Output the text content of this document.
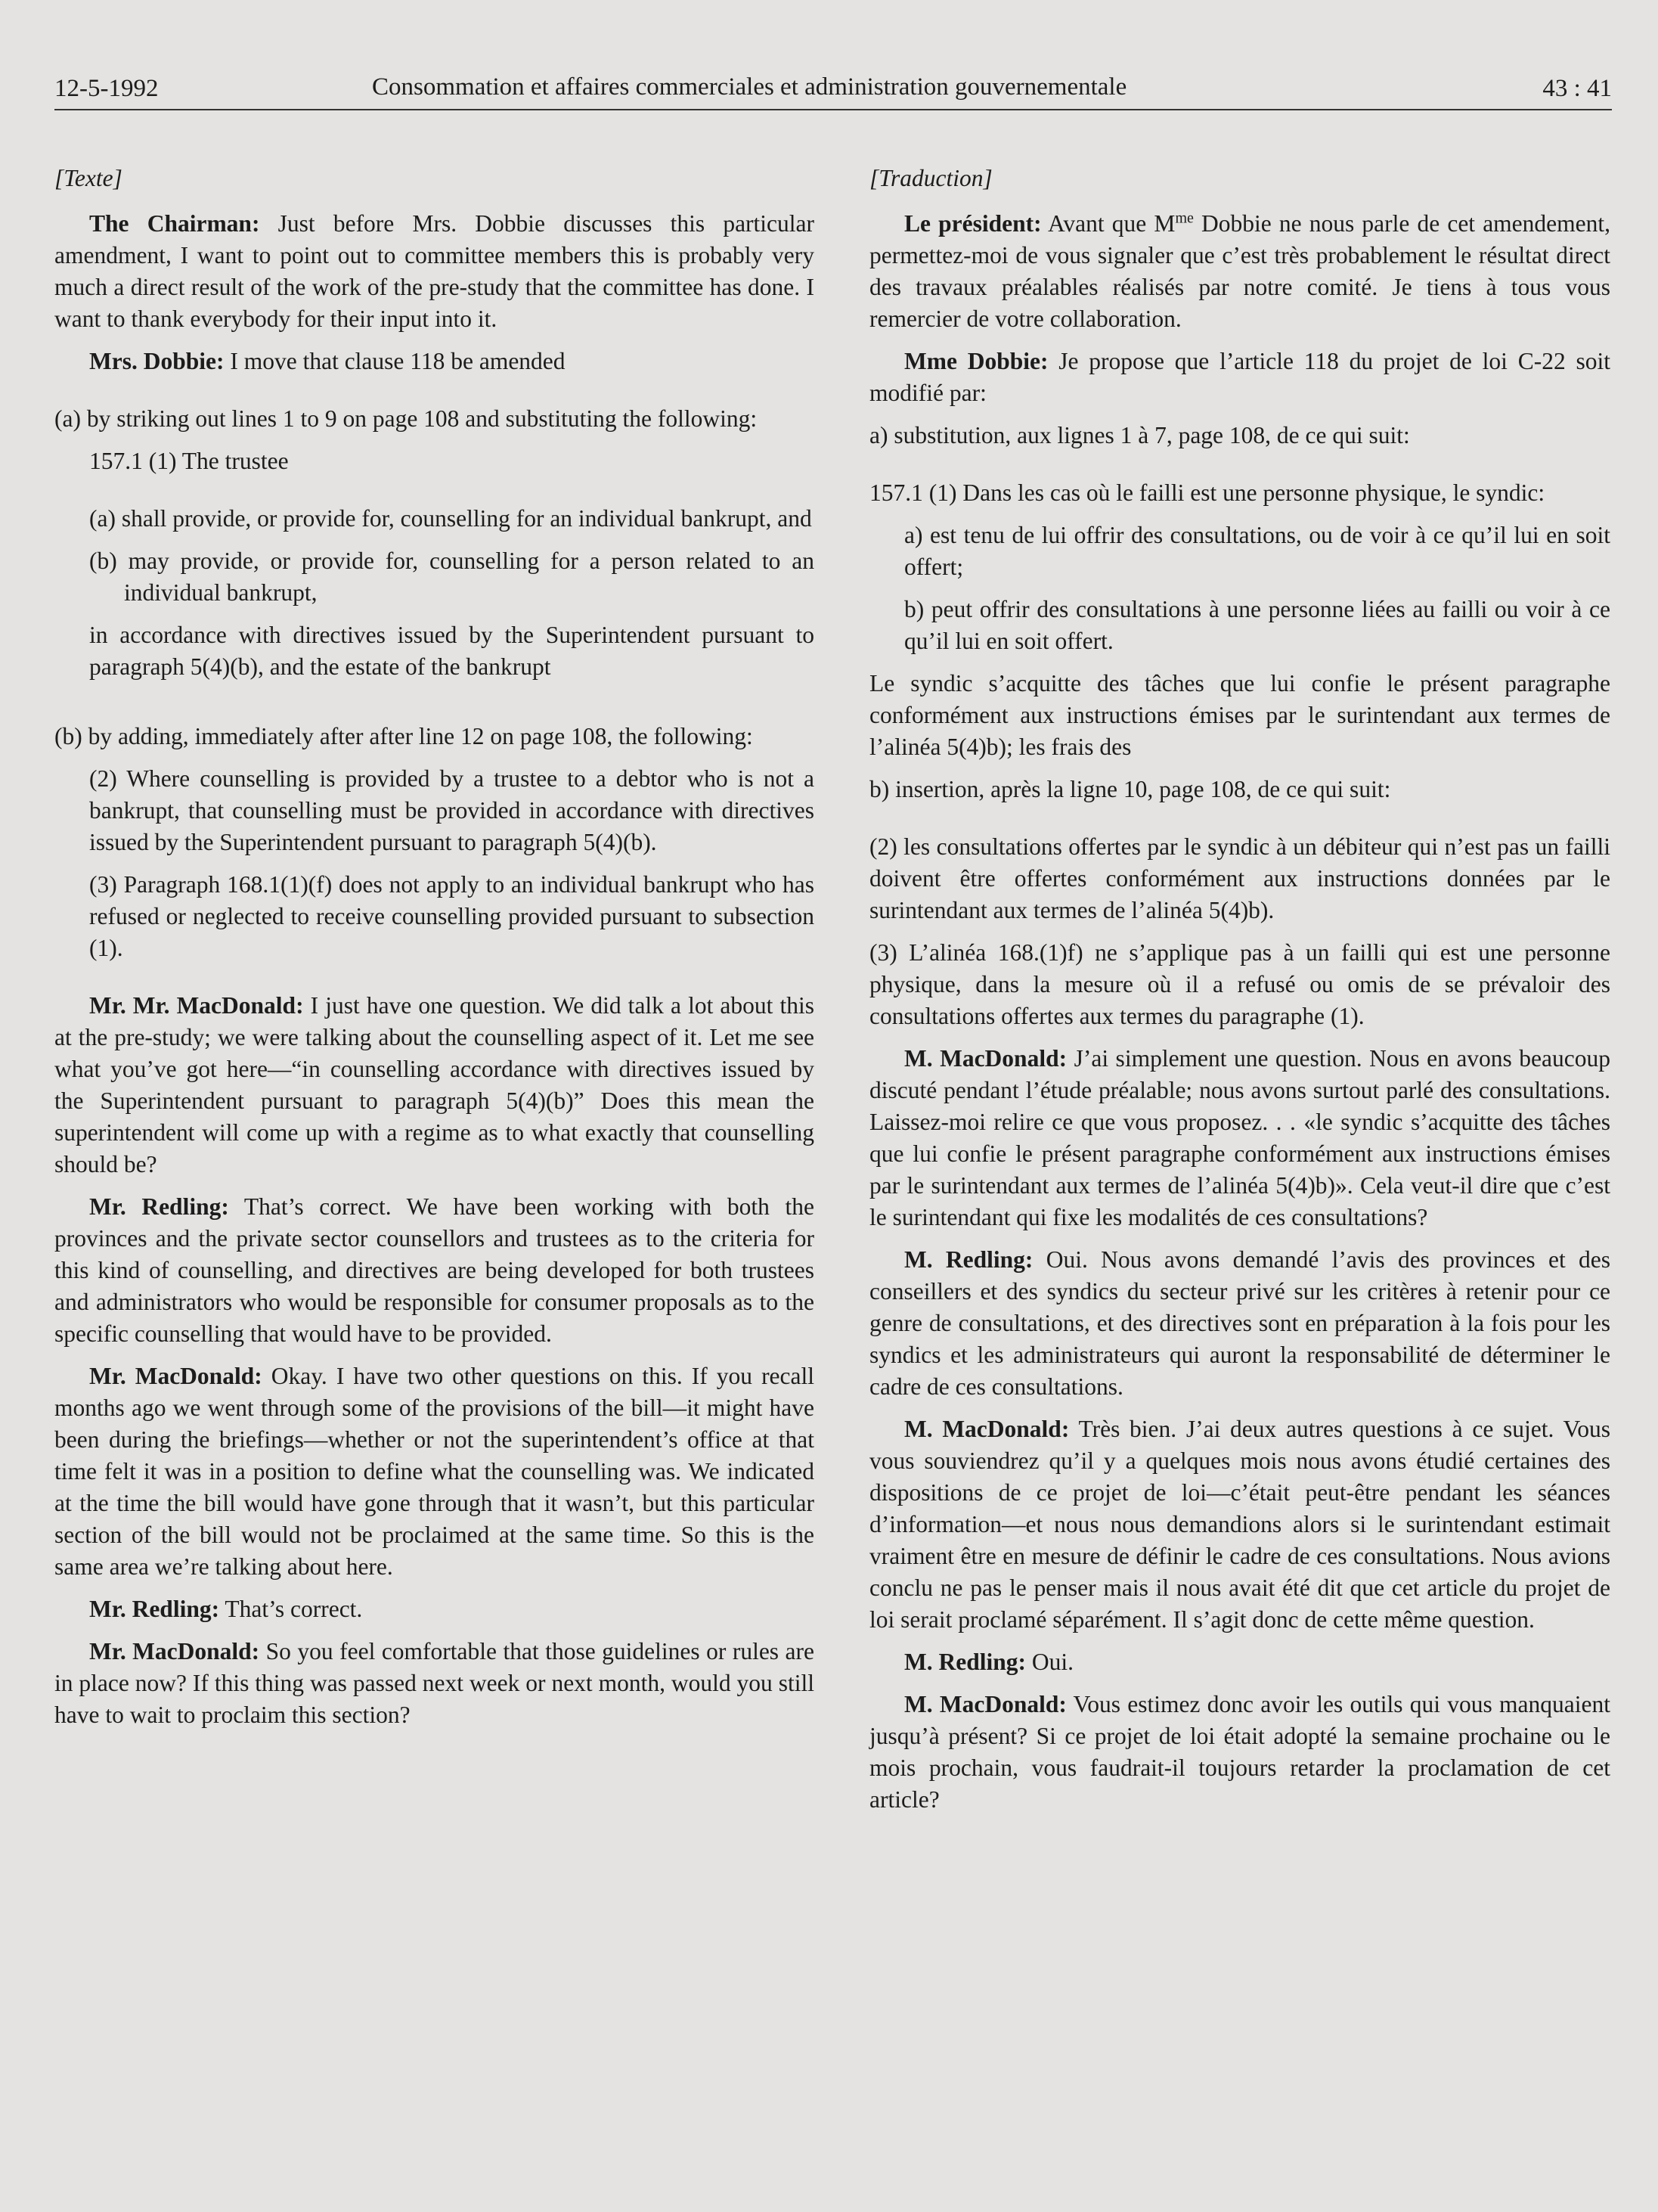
12-5-1992	Consommation et affaires commerciales et administration gouvernementale	43 : 41

[Texte]

The Chairman: Just before Mrs. Dobbie discusses this particular amendment, I want to point out to committee members this is probably very much a direct result of the work of the pre-study that the committee has done. I want to thank everybody for their input into it.

Mrs. Dobbie: I move that clause 118 be amended

(a) by striking out lines 1 to 9 on page 108 and substituting the following:

157.1 (1) The trustee

(a) shall provide, or provide for, counselling for an individual bankrupt, and

(b) may provide, or provide for, counselling for a person related to an individual bankrupt,

in accordance with directives issued by the Superintendent pursuant to paragraph 5(4)(b), and the estate of the bankrupt

(b) by adding, immediately after after line 12 on page 108, the following:

(2) Where counselling is provided by a trustee to a debtor who is not a bankrupt, that counselling must be provided in accordance with directives issued by the Superintendent pursuant to paragraph 5(4)(b).

(3) Paragraph 168.1(1)(f) does not apply to an individual bankrupt who has refused or neglected to receive counselling provided pursuant to subsection (1).

Mr. Mr. MacDonald: I just have one question. We did talk a lot about this at the pre-study; we were talking about the counselling aspect of it. Let me see what you’ve got here—“in counselling accordance with directives issued by the Superintendent pursuant to paragraph 5(4)(b)” Does this mean the superintendent will come up with a regime as to what exactly that counselling should be?

Mr. Redling: That’s correct. We have been working with both the provinces and the private sector counsellors and trustees as to the criteria for this kind of counselling, and directives are being developed for both trustees and administrators who would be responsible for consumer proposals as to the specific counselling that would have to be provided.

Mr. MacDonald: Okay. I have two other questions on this. If you recall months ago we went through some of the provisions of the bill—it might have been during the briefings—whether or not the superintendent’s office at that time felt it was in a position to define what the counselling was. We indicated at the time the bill would have gone through that it wasn’t, but this particular section of the bill would not be proclaimed at the same time. So this is the same area we’re talking about here.

Mr. Redling: That’s correct.

Mr. MacDonald: So you feel comfortable that those guidelines or rules are in place now? If this thing was passed next week or next month, would you still have to wait to proclaim this section?

[Traduction]

Le président: Avant que $M^{me}$ Dobbie ne nous parle de cet amendement, permettez-moi de vous signaler que c’est très probablement le résultat direct des travaux préalables réalisés par notre comité. Je tiens à tous vous remercier de votre collaboration.

Mme Dobbie: Je propose que l’article 118 du projet de loi C-22 soit modifié par:

a) substitution, aux lignes 1 à 7, page 108, de ce qui suit:

157.1 (1) Dans les cas où le failli est une personne physique, le syndic:

a) est tenu de lui offrir des consultations, ou de voir à ce qu’il lui en soit offert;

b) peut offrir des consultations à une personne liées au failli ou voir à ce qu’il lui en soit offert.

Le syndic s’acquitte des tâches que lui confie le présent paragraphe conformément aux instructions émises par le surintendant aux termes de l’alinéa 5(4)b); les frais des

b) insertion, après la ligne 10, page 108, de ce qui suit:

(2) les consultations offertes par le syndic à un débiteur qui n’est pas un failli doivent être offertes conformément aux instructions données par le surintendant aux termes de l’alinéa 5(4)b).

(3) L’alinéa 168.(1)f) ne s’applique pas à un failli qui est une personne physique, dans la mesure où il a refusé ou omis de se prévaloir des consultations offertes aux termes du paragraphe (1).

M. MacDonald: J’ai simplement une question. Nous en avons beaucoup discuté pendant l’étude préalable; nous avons surtout parlé des consultations. Laissez-moi relire ce que vous proposez. . . «le syndic s’acquitte des tâches que lui confie le présent paragraphe conformément aux instructions émises par le surintendant aux termes de l’alinéa 5(4)b)». Cela veut-il dire que c’est le surintendant qui fixe les modalités de ces consultations?

M. Redling: Oui. Nous avons demandé l’avis des provinces et des conseillers et des syndics du secteur privé sur les critères à retenir pour ce genre de consultations, et des directives sont en préparation à la fois pour les syndics et les administrateurs qui auront la responsabilité de déterminer le cadre de ces consultations.

M. MacDonald: Très bien. J’ai deux autres questions à ce sujet. Vous vous souviendrez qu’il y a quelques mois nous avons étudié certaines des dispositions de ce projet de loi—c’était peut-être pendant les séances d’information—et nous nous demandions alors si le surintendant estimait vraiment être en mesure de définir le cadre de ces consultations. Nous avions conclu ne pas le penser mais il nous avait été dit que cet article du projet de loi serait proclamé séparément. Il s’agit donc de cette même question.

M. Redling: Oui.

M. MacDonald: Vous estimez donc avoir les outils qui vous manquaient jusqu’à présent? Si ce projet de loi était adopté la semaine prochaine ou le mois prochain, vous faudrait-il toujours retarder la proclamation de cet article?
